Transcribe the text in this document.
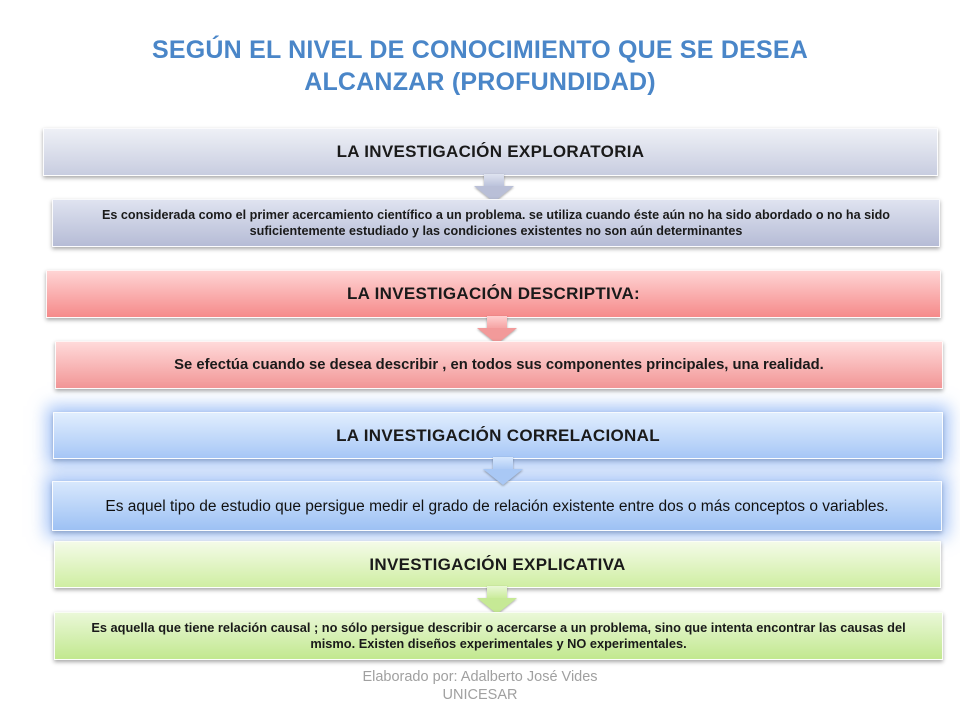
SEGÚN EL NIVEL DE CONOCIMIENTO QUE SE DESEA
ALCANZAR (PROFUNDIDAD)
LA INVESTIGACIÓN EXPLORATORIA
Es considerada como el primer acercamiento científico a un problema. se utiliza cuando éste aún no ha sido abordado o no ha sido suficientemente estudiado y las condiciones existentes no son aún determinantes
LA INVESTIGACIÓN DESCRIPTIVA:
Se efectúa cuando se desea describir , en todos sus componentes principales, una realidad.
LA INVESTIGACIÓN CORRELACIONAL
Es aquel tipo de estudio que persigue medir el grado de relación existente entre dos o más conceptos o variables.
INVESTIGACIÓN EXPLICATIVA
Es aquella que tiene relación causal ; no sólo persigue describir o acercarse a un problema, sino que intenta encontrar las causas del mismo. Existen diseños experimentales y NO experimentales.
Elaborado por: Adalberto José Vides
UNICESAR
